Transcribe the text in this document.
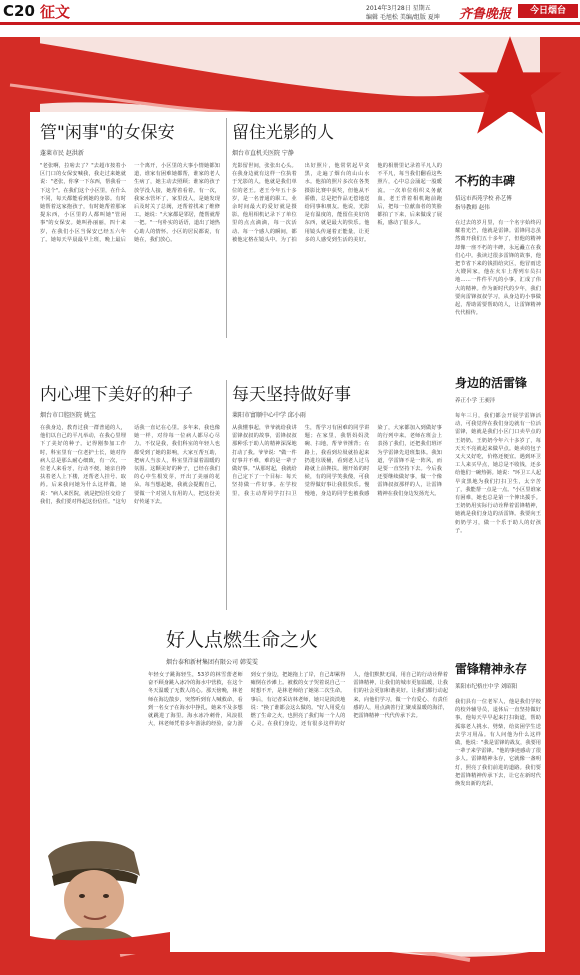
C20 征文	2014年3月28日 星期五
编辑 毛旭松 美编/组版 夏坤 齐鲁晚报	今日烟台
管"闲事"的女保安
蓬莱市民 赵洪新
"老张啊，拉啥去了？"去超市按着小区门口的女保安喊我，我走过来她就说："老张，你拿一下东西，帮我看一下这个"。在我们这个小区里，在什么不同，每天都能看到她的身影。有时她帮着这家抱孩子，有时她帮着那家提东西，小区里的人都叫她"管闲事"的女保安。她叫孙丽丽，四十来岁，在我们小区当保安已经五六年了。她每天早晨最早上班，晚上最后一个离开，小区里的大事小情她都知道，谁家有困难她都帮，谁家的老人生病了，她主动去照顾；谁家的孩子放学没人接，她帮着看着。有一次，我家水管坏了，家里没人，是她发现后及时关了总阀，还帮着找来了维修工。她说："大家都是邻居，能帮就帮一把。"一句朴实的话语，道出了她热心助人的情怀。小区的居民都说，有她在，我们放心。
留住光影的人
烟台市直机关医院 宁静
光影留世间，张张出心头。在我身边就有这样一位执着于光影的人，他就是我们单位的老王。老王今年五十多岁，是一名普通的职工，业余时间最大的爱好就是摄影。他用相机记录下了单位里的点点滴滴，每一次活动、每一个感人的瞬间，都被他定格在镜头中。为了拍出好照片，他常常起早贪黑，走遍了烟台的山山水水。他拍的照片多次在各类摄影比赛中获奖，但他从不骄傲，总是把作品无偿地送给同事和朋友。他说，光影是有温度的，能留住美好的东西，就是最大的快乐。他用镜头传递着正能量，让更多的人感受到生活的美好。他的相册里记录着平凡人的不平凡，每当我们翻看这些照片，心中总会涌起一股暖流。一次单位组织义务献血，老王背着相机跑前跑后，把每一位献血者的笑脸都拍了下来，后来做成了展板，感动了很多人。
内心埋下美好的种子
烟台市口腔医院 姚宝
在我身边，教育过我一群普通的人，他们以自己的平凡举动，在我心里埋下了美好的种子。记得刚参加工作时，科室里有一位老护士长，她对待病人总是那么耐心细致，有一次，一位老人来看牙，行动不便，她亲自搀扶着老人上下楼，还帮老人挂号、取药。后来我问她为什么这样做，她说："病人来医院，就是把信任交给了我们，我们要对得起这份信任。"这句话我一直记在心里。多年来，我也像她一样，对待每一位病人都尽心尽力。不仅是我，我们科室的年轻人也都受到了她的影响，大家互帮互助，把病人当亲人，科室里洋溢着温暖的氛围。这颗美好的种子，已经在我们的心中生根发芽，开出了美丽的花朵。每当想起她，我就会提醒自己，要做一个对别人有用的人，把这份美好传递下去。
每天坚持做好事
莱阳市富顺中心中学 邱小雨
从我懂事起，爷爷就给我讲雷锋叔叔的故事，雷锋叔叔那种乐于助人的精神深深地打动了我。爷爷说："做一件好事并不难，难的是一辈子做好事。"从那时起，我就给自己定下了一个目标：每天坚持做一件好事。在学校里，我主动帮同学打扫卫生，帮学习有困难的同学讲题；在家里，我帮妈妈洗碗、扫地，帮爷爷捶背；在路上，我看到垃圾就捡起来扔进垃圾桶，看到老人过马路就上前搀扶。刚开始的时候，有的同学笑我傻，可我觉得做好事让我很快乐。慢慢地，身边的同学也被我感染了，大家都加入到做好事的行列中来。老师在班会上表扬了我们，还把我们班评为学雷锋先进班集体。我知道，学雷锋不是一阵风，而是要一直坚持下去。今后我还要继续做好事，做一个像雷锋叔叔那样的人，让雷锋精神在我们身边发扬光大。
好人点燃生命之火
烟台泰和新材集团有限公司 韩雯雯
年轻女子跳海轻生，53岁的林雪蕾老师奋不顾身跳入冰冷的海水中营救，在这个冬天温暖了无数人的心。那天傍晚，林老师在海边散步，突然听到有人喊救命，看到一名女子在海水中挣扎，她来不及多想就跳进了海里。海水冰冷刺骨，风浪很大，林老师凭着多年游泳的经验，奋力游到女子身边，把她拖上了岸，自己却累得瘫倒在沙滩上。被救的女子哭着说自己一时想不开，是林老师给了她第二次生命。事后，有记者采访林老师，她只是淡淡地说："换了谁都会这么做的。"好人用爱点燃了生命之火，也照亮了我们每一个人的心灵。在我们身边，还有很多这样的好人，他们默默无闻，用自己的行动诠释着雷锋精神，让我们的城市更加温暖，让我们的社会更加和谐美好。让我们都行动起来，向他们学习，做一个有爱心、有责任感的人，用点滴善行汇聚成温暖的海洋，把雷锋精神一代代传承下去。
不朽的丰碑
招远市西苑学校 孙艺傅
指导教师 赵伟
在过去的岁月里，有一个名字始终闪耀着光芒，他就是雷锋。雷锋同志虽然离开我们五十多年了，但他的精神却像一座不朽的丰碑，永远矗立在我们心中。我读过很多雷锋的故事，他把节省下来的钱捐给灾区，他冒雨送大嫂回家，他在火车上帮列车员扫地……一件件平凡的小事，汇成了伟大的精神。作为新时代的少年，我们要向雷锋叔叔学习，从身边的小事做起，帮助需要帮助的人，让雷锋精神代代相传。
身边的活雷锋
养正小学 王昶沣
每年三月，我们都会开展学雷锋活动，可我觉得在我们身边就有一位活雷锋，她就是我们小区门口卖早点的王奶奶。王奶奶今年六十多岁了，每天天不亮就起来做早点。她卖的包子又大又好吃，价格还便宜。遇到环卫工人来买早点，她总是不收钱，还多给他们一碗热粥。她说："环卫工人起早贪黑地为我们打扫卫生，太辛苦了，我能帮一点是一点。"小区里谁家有困难，她也总是第一个伸出援手。王奶奶用实际行动诠释着雷锋精神，她就是我们身边的活雷锋。我要向王奶奶学习，做一个乐于助人的好孩子。
雷锋精神永存
莱阳市纪格庄中学 刘昭阳
我们县有一位老军人，他是我们学校的校外辅导员，退休后一直坚持做好事。他每天早早起来打扫街道，帮助孤寡老人挑水、劈柴，给贫困学生送去学习用品。有人问他为什么这样做，他说："我是雷锋的战友，我要用一辈子来学雷锋。"他的事迹感动了很多人。雷锋精神永存，它就像一盏明灯，照亮了我们前进的道路。我们要把雷锋精神传承下去，让它在新时代焕发出新的光彩。
